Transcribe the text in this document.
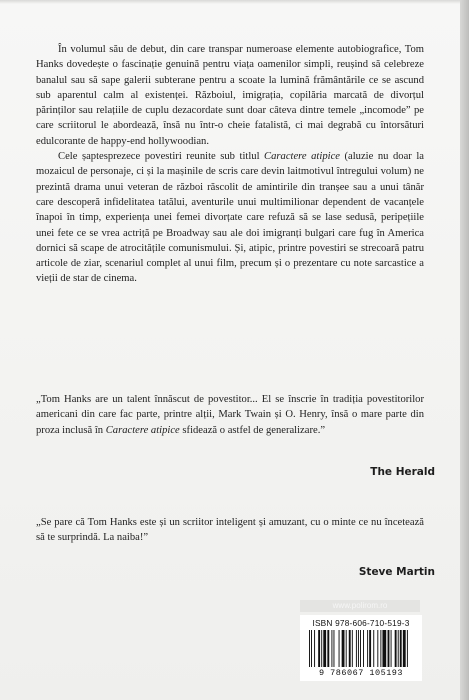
În volumul său de debut, din care transpar numeroase elemente autobiografice, Tom Hanks dovedește o fascinație genuină pentru viața oamenilor simpli, reușind să celebreze banalul sau să sape galerii subterane pentru a scoate la lumină frământările ce se ascund sub aparentul calm al existenței. Războiul, imigrația, copilăria marcată de divorțul părinților sau relațiile de cuplu dezacordate sunt doar câteva dintre temele „incomode” pe care scriitorul le abordează, însă nu într-o cheie fatalistă, ci mai degrabă cu întorsături edulcorante de happy-end hollywoodian.

Cele șaptesprezece povestiri reunite sub titlul Caractere atipice (aluzie nu doar la mozaicul de personaje, ci și la mașinile de scris care devin laitmotivul întregului volum) ne prezintă drama unui veteran de război răscolit de amintirile din tranșee sau a unui tânăr care descoperă infidelitatea tatălui, aventurile unui multimilionar dependent de vacanțele înapoi în timp, experiența unei femei divorțate care refuză să se lase sedusă, peripețiile unei fete ce se vrea actriță pe Broadway sau ale doi imigranți bulgari care fug în America dornici să scape de atrocitățile comunismului. Și, atipic, printre povestiri se strecoară patru articole de ziar, scenariul complet al unui film, precum și o prezentare cu note sarcastice a vieții de star de cinema.

„Tom Hanks are un talent înnăscut de povestitor... El se înscrie în tradiția povestitorilor americani din care fac parte, printre alții, Mark Twain și O. Henry, însă o mare parte din proza inclusă în Caractere atipice sfidează o astfel de generalizare.”

The Herald

„Se pare că Tom Hanks este și un scriitor inteligent și amuzant, cu o minte ce nu încetează să te surprindă. La naiba!”

Steve Martin
www.polirom.ro
ISBN 978-606-710-519-3
9 786067 105193
